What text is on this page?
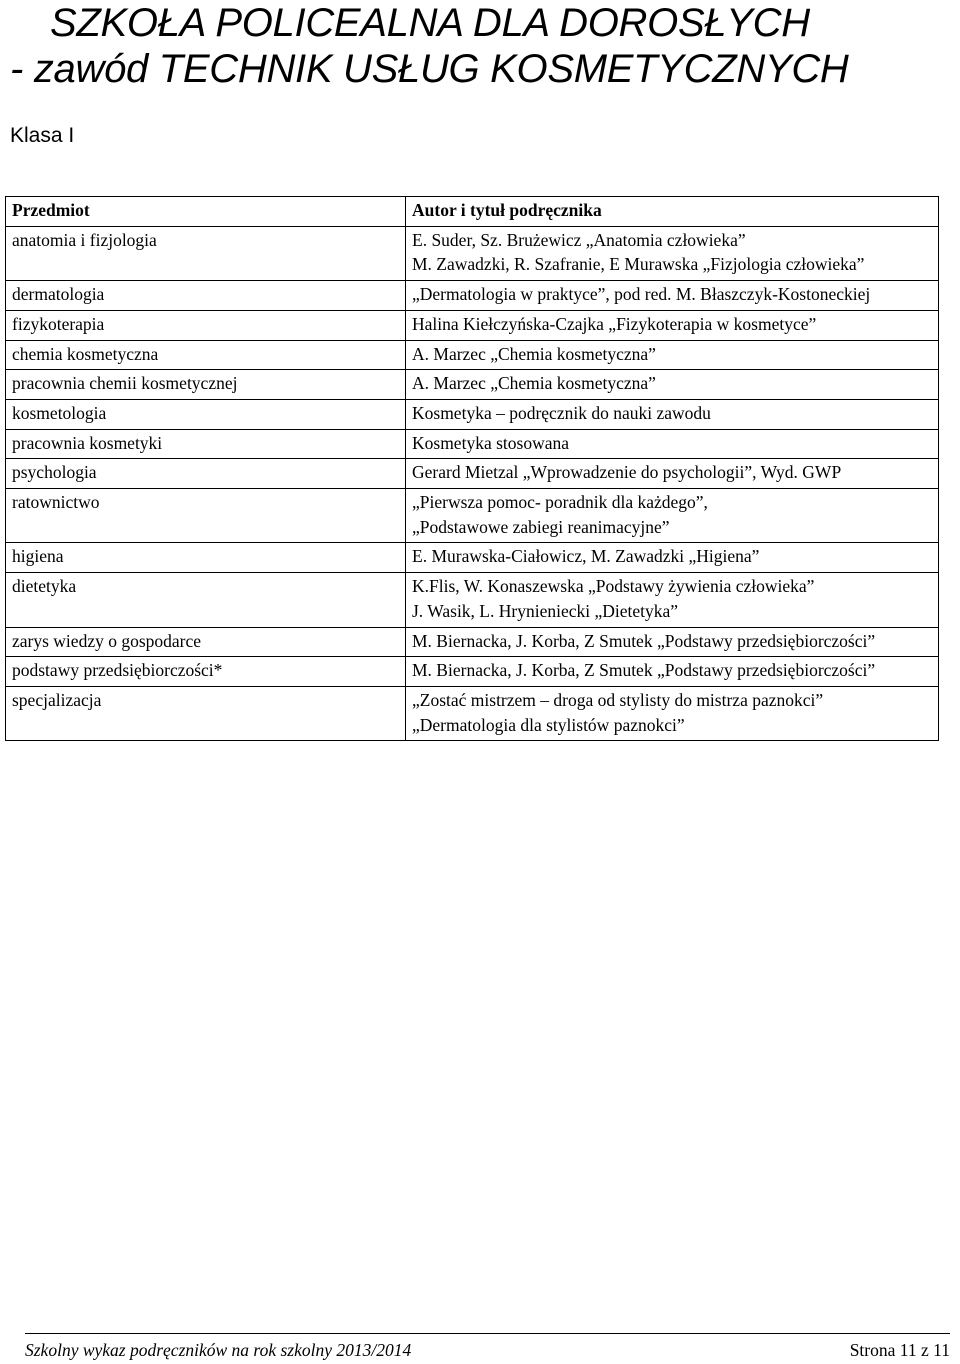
SZKOŁA POLICEALNA DLA DOROSŁYCH
- zawód TECHNIK USŁUG KOSMETYCZNYCH
Klasa I
Przedmiot	Autor i tytuł podręcznika
anatomia i fizjologia	E. Suder, Sz. Brużewicz „Anatomia człowieka”
M. Zawadzki, R. Szafranie, E Murawska „Fizjologia człowieka”

dermatologia	„Dermatologia w praktyce”, pod red. M. Błaszczyk-Kostoneckiej

fizykoterapia	Halina Kiełczyńska-Czajka „Fizykoterapia w kosmetyce”

chemia kosmetyczna	A. Marzec „Chemia kosmetyczna”

pracownia chemii kosmetycznej	A. Marzec „Chemia kosmetyczna”

kosmetologia	Kosmetyka – podręcznik do nauki zawodu

pracownia kosmetyki	Kosmetyka stosowana

psychologia	Gerard Mietzal „Wprowadzenie do psychologii”, Wyd. GWP

ratownictwo	„Pierwsza pomoc- poradnik dla każdego”,
„Podstawowe zabiegi reanimacyjne”

higiena	E. Murawska-Ciałowicz, M. Zawadzki „Higiena”

dietetyka	K.Flis, W. Konaszewska „Podstawy żywienia człowieka”
J. Wasik, L. Hrynieniecki „Dietetyka”

zarys wiedzy o gospodarce	M. Biernacka, J. Korba, Z Smutek „Podstawy przedsiębiorczości”

podstawy przedsiębiorczości*	M. Biernacka, J. Korba, Z Smutek „Podstawy przedsiębiorczości”

specjalizacja	„Zostać mistrzem – droga od stylisty do mistrza paznokci”
„Dermatologia dla stylistów paznokci”
Szkolny wykaz podręczników na rok szkolny 2013/2014	Strona 11 z 11
